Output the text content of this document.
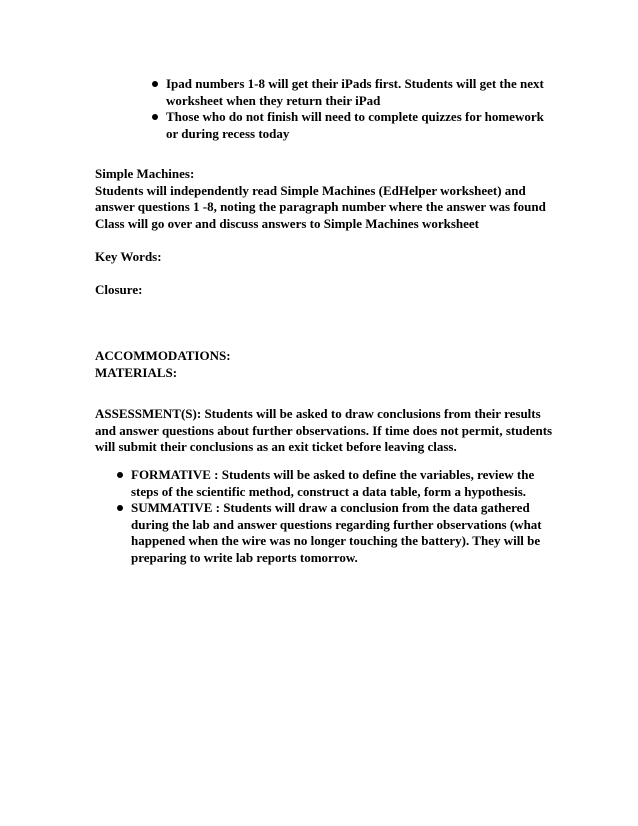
Ipad numbers 1-8 will get their iPads first. Students will get the next
worksheet when they return their iPad
Those who do not finish will need to complete quizzes for homework
or during recess today
Simple Machines:
Students will independently read Simple Machines (EdHelper worksheet) and
answer questions 1 -8, noting the paragraph number where the answer was found
Class will go over and discuss answers to Simple Machines worksheet
Key Words:
Closure:
ACCOMMODATIONS:
MATERIALS:
ASSESSMENT(S): Students will be asked to draw conclusions from their results
and answer questions about further observations. If time does not permit, students
will submit their conclusions as an exit ticket before leaving class.
FORMATIVE : Students will be asked to define the variables, review the
steps of the scientific method, construct a data table, form a hypothesis.
SUMMATIVE : Students will draw a conclusion from the data gathered
during the lab and answer questions regarding further observations (what
happened when the wire was no longer touching the battery). They will be
preparing to write lab reports tomorrow.
